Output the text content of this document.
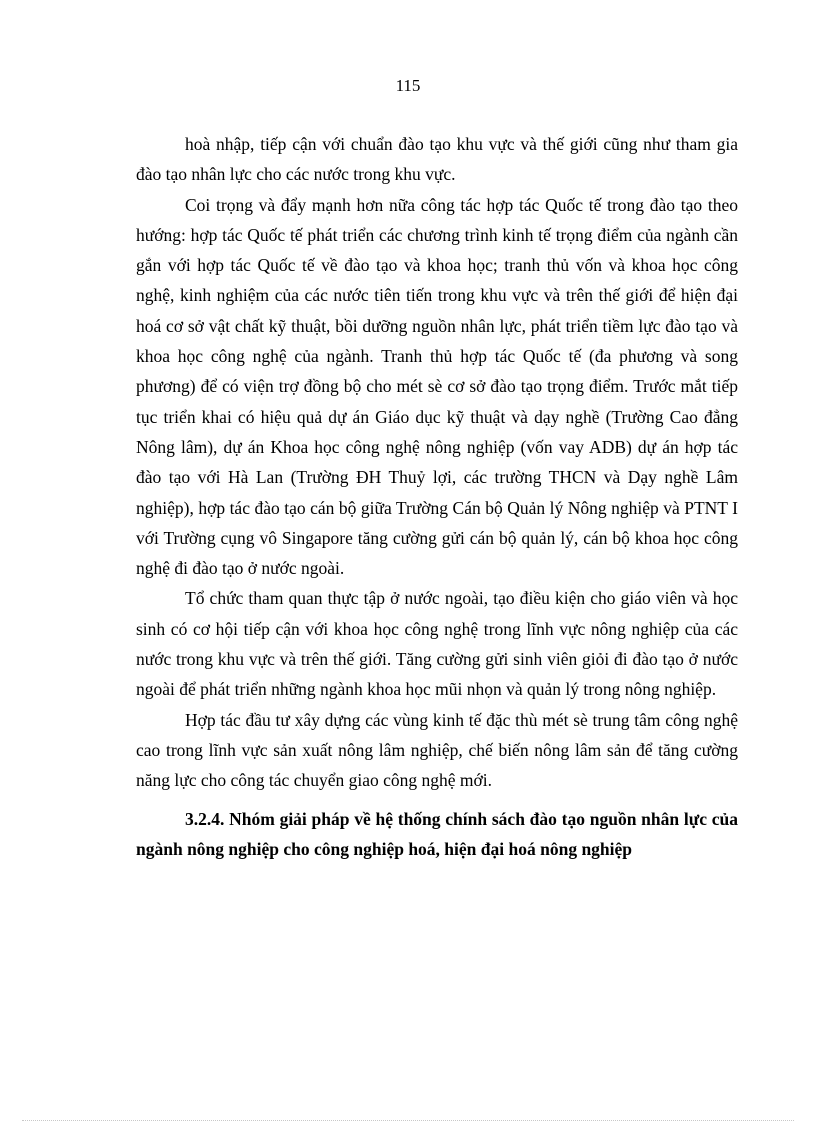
115

hoà nhập, tiếp cận với chuẩn đào tạo khu vực và thế giới cũng như tham gia đào tạo nhân lực cho các nước trong khu vực.

Coi trọng và đẩy mạnh hơn nữa công tác hợp tác Quốc tế trong đào tạo theo hướng: hợp tác Quốc tế phát triển các chương trình kinh tế trọng điểm của ngành cần gắn với hợp tác Quốc tế về đào tạo và khoa học; tranh thủ vốn và khoa học công nghệ, kinh nghiệm của các nước tiên tiến trong khu vực và trên thế giới để hiện đại hoá cơ sở vật chất kỹ thuật, bồi dưỡng nguồn nhân lực, phát triển tiềm lực đào tạo và khoa học công nghệ của ngành. Tranh thủ hợp tác Quốc tế (đa phương và song phương) để có viện trợ đồng bộ cho mét sè cơ sở đào tạo trọng điểm. Trước mắt tiếp tục triển khai có hiệu quả dự án Giáo dục kỹ thuật và dạy nghề (Trường Cao đẳng Nông lâm), dự án Khoa học công nghệ nông nghiệp (vốn vay ADB) dự án hợp tác đào tạo với Hà Lan (Trường ĐH Thuỷ lợi, các trường THCN và Dạy nghề Lâm nghiệp), hợp tác đào tạo cán bộ giữa Trường Cán bộ Quản lý Nông nghiệp và PTNT I với Trường cụng vô Singapore tăng cường gửi cán bộ quản lý, cán bộ khoa học công nghệ đi đào tạo ở nước ngoài.

Tổ chức tham quan thực tập ở nước ngoài, tạo điều kiện cho giáo viên và học sinh có cơ hội tiếp cận với khoa học công nghệ trong lĩnh vực nông nghiệp của các nước trong khu vực và trên thế giới. Tăng cường gửi sinh viên giỏi đi đào tạo ở nước ngoài để phát triển những ngành khoa học mũi nhọn và quản lý trong nông nghiệp.

Hợp tác đầu tư xây dựng các vùng kinh tế đặc thù mét sè trung tâm công nghệ cao trong lĩnh vực sản xuất nông lâm nghiệp, chế biến nông lâm sản để tăng cường năng lực cho công tác chuyển giao công nghệ mới.

3.2.4. Nhóm giải pháp về hệ thống chính sách đào tạo nguồn nhân lực của ngành nông nghiệp cho công nghiệp hoá, hiện đại hoá nông nghiệp
